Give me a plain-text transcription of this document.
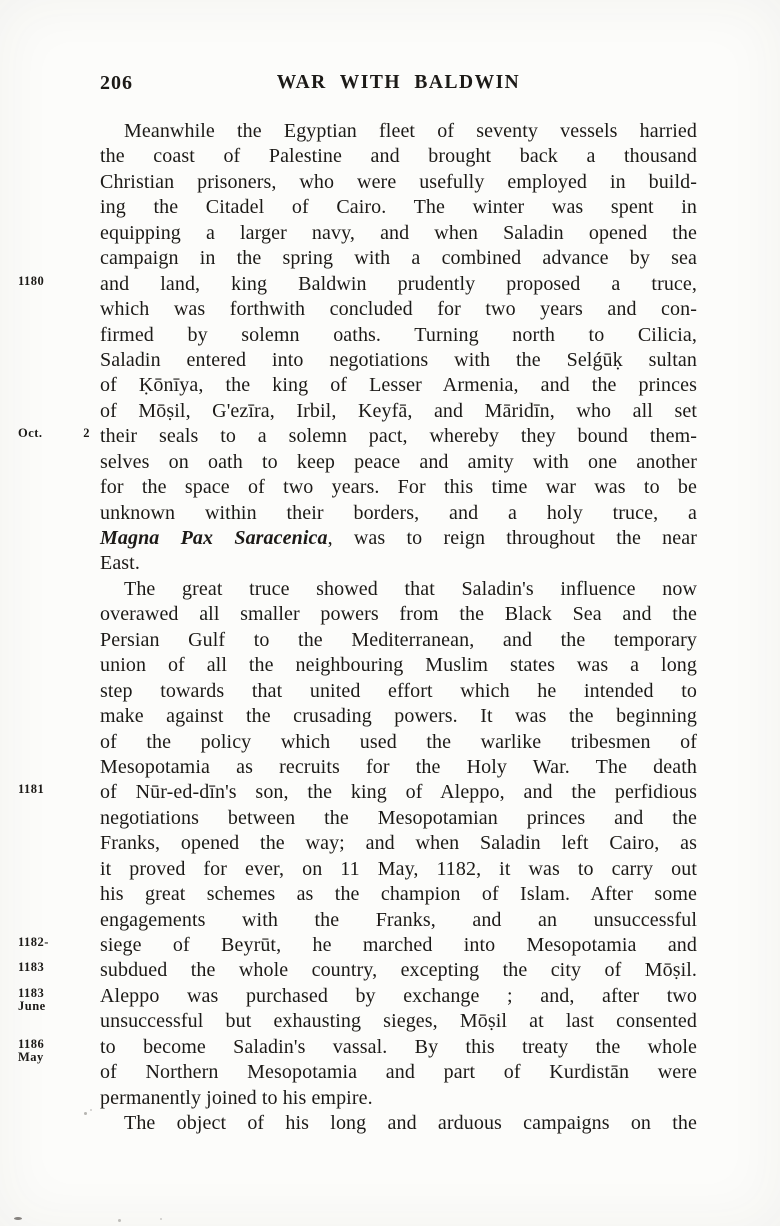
206	WAR WITH BALDWIN
Meanwhile the Egyptian fleet of seventy vessels harried
the coast of Palestine and brought back a thousand
Christian prisoners, who were usefully employed in build-
ing the Citadel of Cairo. The winter was spent in
equipping a larger navy, and when Saladin opened the
campaign in the spring with a combined advance by sea
1180	and land, king Baldwin prudently proposed a truce,
which was forthwith concluded for two years and con-
firmed by solemn oaths. Turning north to Cilicia,
Saladin entered into negotiations with the Selǵūḳ sultan
of Ḳōnīya, the king of Lesser Armenia, and the princes
of Mōṣil, G'ezīra, Irbil, Keyfā, and Māridīn, who all set
Oct. 2 their seals to a solemn pact, whereby they bound them-
selves on oath to keep peace and amity with one another
for the space of two years. For this time war was to be
unknown within their borders, and a holy truce, a
Magna Pax Saracenica, was to reign throughout the near
East.
The great truce showed that Saladin's influence now
overawed all smaller powers from the Black Sea and the
Persian Gulf to the Mediterranean, and the temporary
union of all the neighbouring Muslim states was a long
step towards that united effort which he intended to
make against the crusading powers. It was the beginning
of the policy which used the warlike tribesmen of
Mesopotamia as recruits for the Holy War. The death
1181	of Nūr-ed-dīn's son, the king of Aleppo, and the perfidious
negotiations between the Mesopotamian princes and the
Franks, opened the way; and when Saladin left Cairo, as
it proved for ever, on 11 May, 1182, it was to carry out
his great schemes as the champion of Islam. After some
engagements with the Franks, and an unsuccessful
1182-	siege of Beyrūt, he marched into Mesopotamia and
1183	subdued the whole country, excepting the city of Mōṣil.
1183
June	Aleppo was purchased by exchange ; and, after two
unsuccessful but exhausting sieges, Mōṣil at last consented
1186
May	to become Saladin's vassal. By this treaty the whole
of Northern Mesopotamia and part of Kurdistān were
permanently joined to his empire.
The object of his long and arduous campaigns on the
